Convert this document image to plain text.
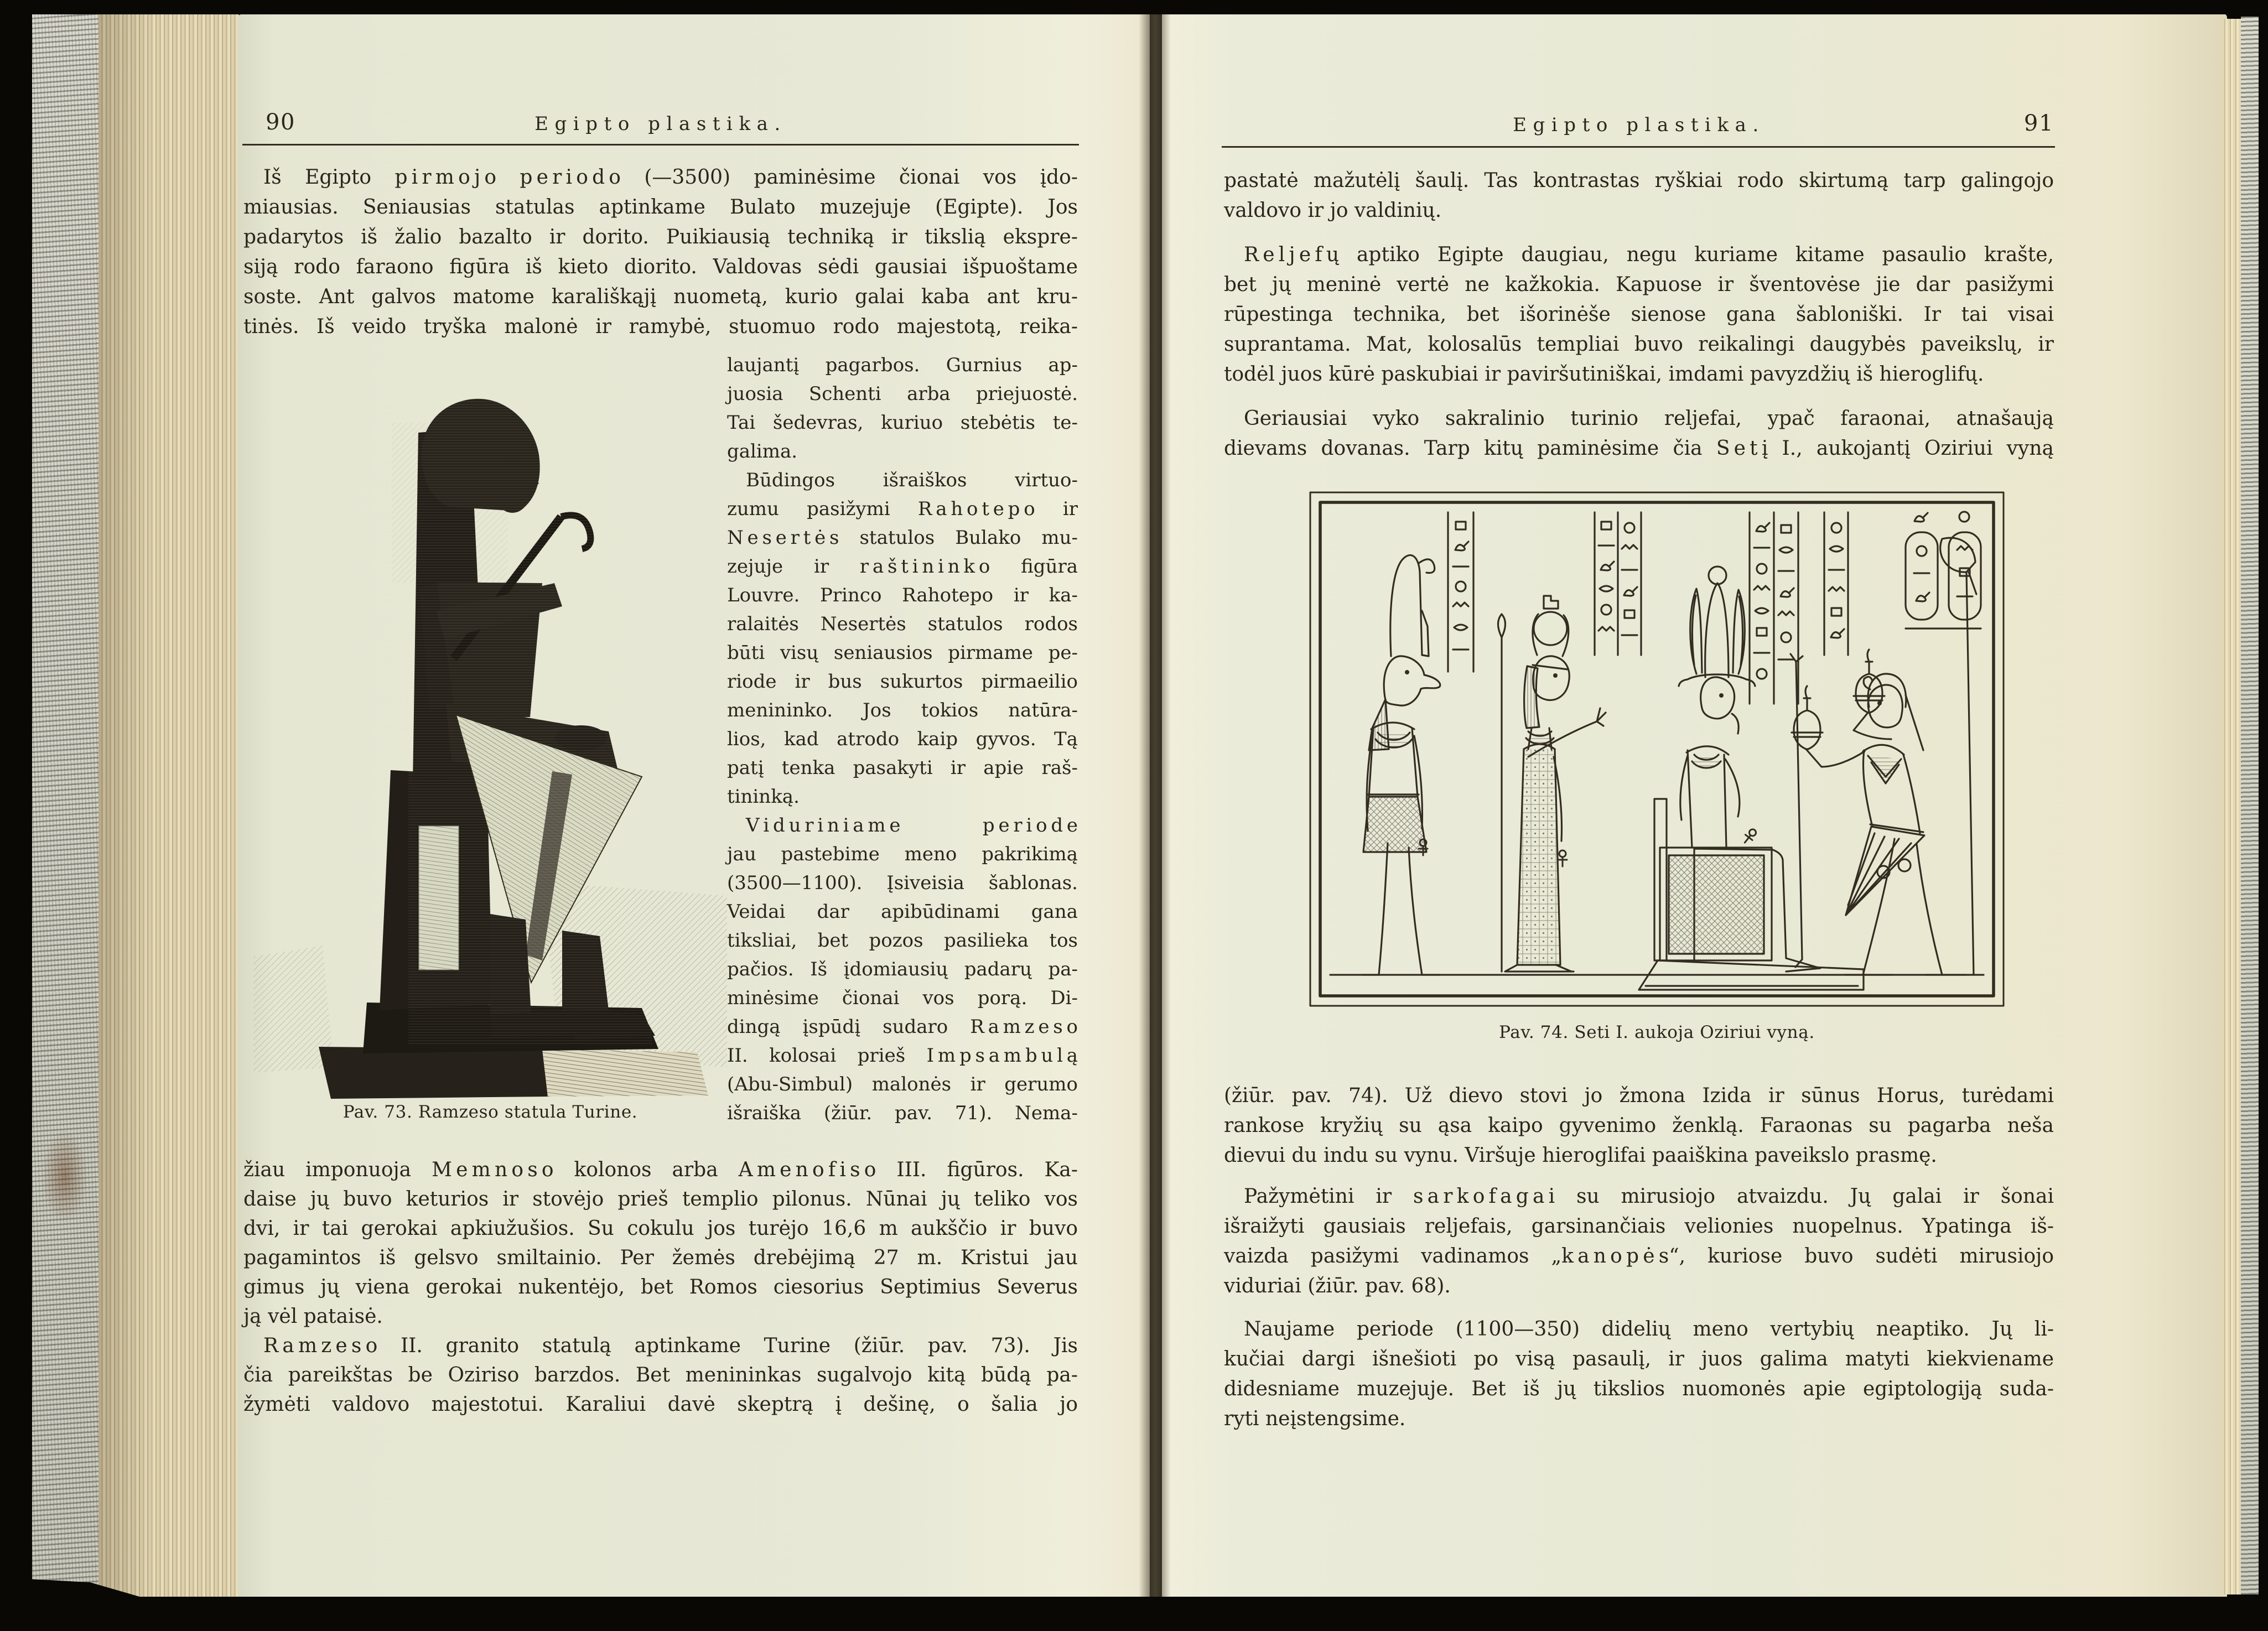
90	Egipto plastika.
 Iš Egipto p i r m o j o p e r i o d o (—3500) paminėsime čionai vos įdo-
miausias. Seniausias statulas aptinkame Bulato muzejuje (Egipte). Jos
padarytos iš žalio bazalto ir dorito. Puikiausią techniką ir tikslią ekspre-
siją rodo faraono figūra iš kieto diorito. Valdovas sėdi gausiai išpuoštame
soste. Ant galvos matome karališkąjį nuometą, kurio galai kaba ant kru-
tinės. Iš veido tryška malonė ir ramybė, stuomuo rodo majestotą, reika-
Pav. 73. Ramzeso statula Turine.
laujantį pagarbos. Gurnius ap-
juosia Schenti arba priejuostė.
Tai šedevras, kuriuo stebėtis te-
galima.
 Būdingos išraiškos virtuo-
zumu pasižymi R a h o t e p o ir
N e s e r t ė s statulos Bulako mu-
zejuje ir r a š t i n i n k o figūra
Louvre. Princo Rahotepo ir ka-
ralaitės Nesertės statulos rodos
būti visų seniausios pirmame pe-
riode ir bus sukurtos pirmaeilio
menininko. Jos tokios natūra-
lios, kad atrodo kaip gyvos. Tą
patį tenka pasakyti ir apie raš-
tininką.
 V i d u r i n i a m e p e r i o d e
jau pastebime meno pakrikimą
(3500—1100). Įsiveisia šablonas.
Veidai dar apibūdinami gana
tiksliai, bet pozos pasilieka tos
pačios. Iš įdomiausių padarų pa-
minėsime čionai vos porą. Di-
dingą įspūdį sudaro R a m z e s o
II. kolosai prieš I m p s a m b u l ą
(Abu-Simbul) malonės ir gerumo
išraiška (žiūr. pav. 71). Nema-
žiau imponuoja M e m n o s o kolonos arba A m e n o f i s o III. figūros. Ka-
daise jų buvo keturios ir stovėjo prieš templio pilonus. Nūnai jų teliko vos
dvi, ir tai gerokai apkiužušios. Su cokulu jos turėjo 16,6 m aukščio ir buvo
pagamintos iš gelsvo smiltainio. Per žemės drebėjimą 27 m. Kristui jau
gimus jų viena gerokai nukentėjo, bet Romos ciesorius Septimius Severus
ją vėl pataisė.
 R a m z e s o II. granito statulą aptinkame Turine (žiūr. pav. 73). Jis
čia pareikštas be Oziriso barzdos. Bet menininkas sugalvojo kitą būdą pa-
žymėti valdovo majestotui. Karaliui davė skeptrą į dešinę, o šalia jo
Egipto plastika.	91
pastatė mažutėlį šaulį. Tas kontrastas ryškiai rodo skirtumą tarp galingojo
valdovo ir jo valdinių.
 R e l j e f ų aptiko Egipte daugiau, negu kuriame kitame pasaulio krašte,
bet jų meninė vertė ne kažkokia. Kapuose ir šventovėse jie dar pasižymi
rūpestinga technika, bet išorinėše sienose gana šabloniški. Ir tai visai
suprantama. Mat, kolosalūs templiai buvo reikalingi daugybės paveikslų, ir
todėl juos kūrė paskubiai ir paviršutiniškai, imdami pavyzdžių iš hieroglifų.
 Geriausiai vyko sakralinio turinio reljefai, ypač faraonai, atnašaują
dievams dovanas. Tarp kitų paminėsime čia S e t į I., aukojantį Oziriui vyną
Pav. 74. Seti I. aukoja Oziriui vyną.
(žiūr. pav. 74). Už dievo stovi jo žmona Izida ir sūnus Horus, turėdami
rankose kryžių su ąsa kaipo gyvenimo ženklą. Faraonas su pagarba neša
dievui du indu su vynu. Viršuje hieroglifai paaiškina paveikslo prasmę.
 Pažymėtini ir s a r k o f a g a i su mirusiojo atvaizdu. Jų galai ir šonai
išraižyti gausiais reljefais, garsinančiais velionies nuopelnus. Ypatinga iš-
vaizda pasižymi vadinamos „k a n o p ė s“, kuriose buvo sudėti mirusiojo
viduriai (žiūr. pav. 68).
 Naujame periode (1100—350) didelių meno vertybių neaptiko. Jų li-
kučiai dargi išnešioti po visą pasaulį, ir juos galima matyti kiekviename
didesniame muzejuje. Bet iš jų tikslios nuomonės apie egiptologiją suda-
ryti neįstengsime.
